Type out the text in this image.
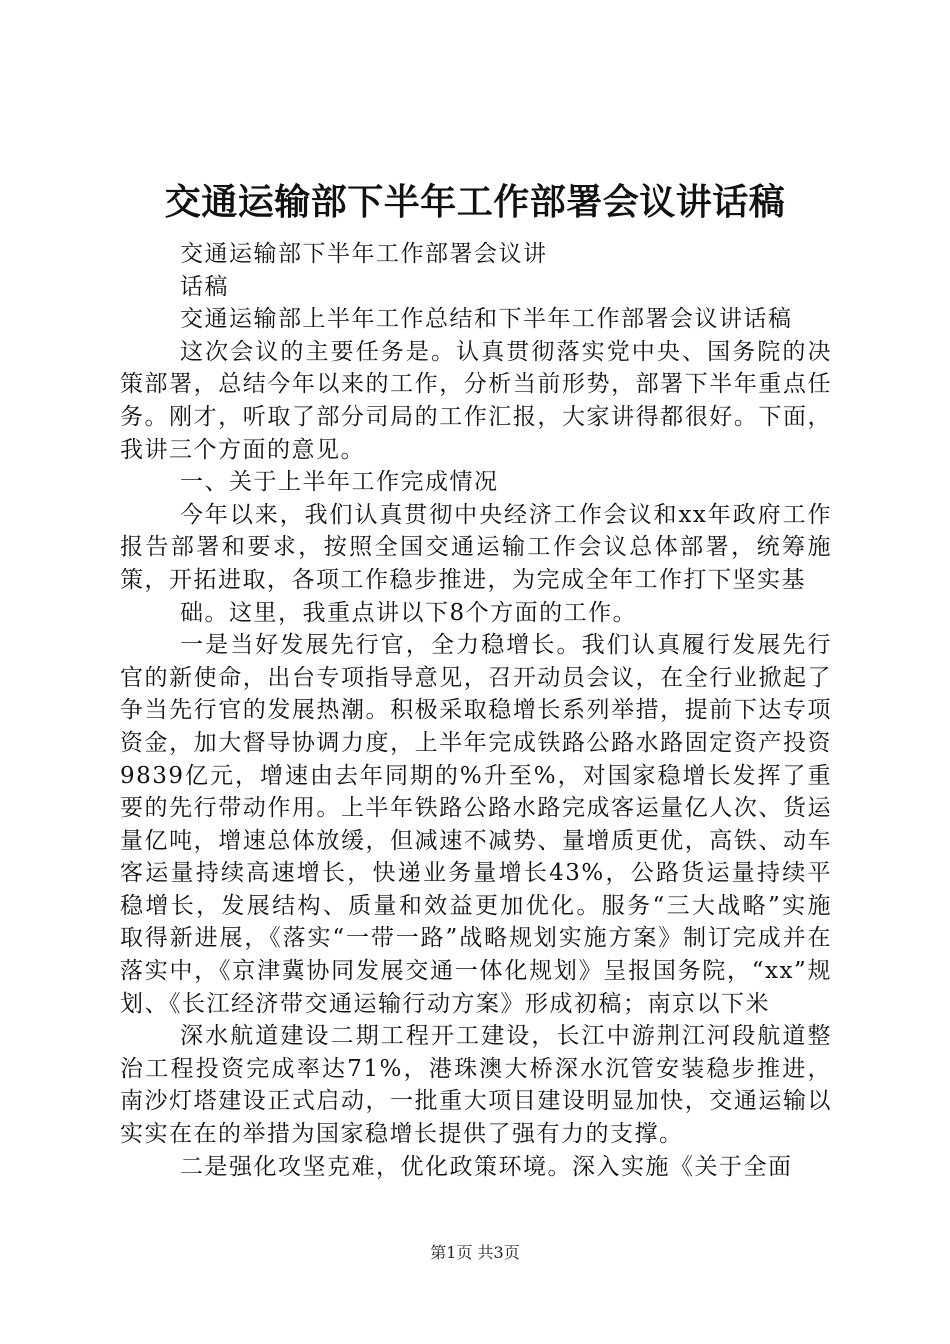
交通运输部下半年工作部署会议讲话稿

交通运输部下半年工作部署会议讲

话稿

交通运输部上半年工作总结和下半年工作部署会议讲话稿

这次会议的主要任务是。认真贯彻落实党中央、国务院的决策部署，总结今年以来的工作，分析当前形势，部署下半年重点任务。刚才，听取了部分司局的工作汇报，大家讲得都很好。下面，我讲三个方面的意见。

一、关于上半年工作完成情况

今年以来，我们认真贯彻中央经济工作会议和xx年政府工作报告部署和要求，按照全国交通运输工作会议总体部署，统筹施策，开拓进取，各项工作稳步推进，为完成全年工作打下坚实基

础。这里，我重点讲以下8个方面的工作。

一是当好发展先行官，全力稳增长。我们认真履行发展先行官的新使命，出台专项指导意见，召开动员会议，在全行业掀起了争当先行官的发展热潮。积极采取稳增长系列举措，提前下达专项资金，加大督导协调力度，上半年完成铁路公路水路固定资产投资9839亿元，增速由去年同期的%升至%，对国家稳增长发挥了重要的先行带动作用。上半年铁路公路水路完成客运量亿人次、货运量亿吨，增速总体放缓，但减速不减势、量增质更优，高铁、动车客运量持续高速增长，快递业务量增长43%，公路货运量持续平稳增长，发展结构、质量和效益更加优化。服务“三大战略”实施取得新进展，《落实“一带一路”战略规划实施方案》制订完成并在落实中，《京津冀协同发展交通一体化规划》呈报国务院，“xx”规划、《长江经济带交通运输行动方案》形成初稿；南京以下米

深水航道建设二期工程开工建设，长江中游荆江河段航道整治工程投资完成率达71%，港珠澳大桥深水沉管安装稳步推进，南沙灯塔建设正式启动，一批重大项目建设明显加快，交通运输以实实在在的举措为国家稳增长提供了强有力的支撑。

二是强化攻坚克难，优化政策环境。深入实施《关于全面

第1页 共3页
